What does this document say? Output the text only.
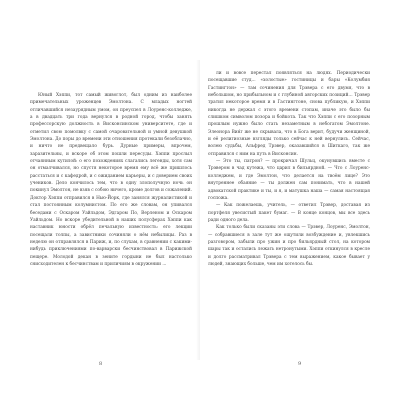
Юный Хэппи, тот самый живоглот, был одним из наиболее примечательных уроженцев Эмолтона. С младых ногтей отличавшийся незаурядным умом, он преуспел в Лоуренс-колледже, а в двадцать три года вернулся в родной город, чтобы занять профессорскую должность в Висконсинском университете, где и отметил свою помолвку с самой очаровательной и умной девушкой Эмолтона. До поры до времени эти отношения протекали безоблачно, и ничто не предвещало бурь. Дурные примеры, впрочем, заразительны, и вскоре об этом пошли пересуды. Хэппи прослыл отчаянным кутилой: о его похождениях слагались легенды, хотя сам он отмалчивался, но спустя некоторое время ему всё же пришлось расстаться и с кафедрой, и с ожиданием карьеры, и с доверием своих учеников. Дело кончилось тем, что в одну злополучную ночь он покинул Эмолтон, не взяв с собою ничего, кроме долгов и сожалений. Доктор Хэппи отправился в Нью-Йорк, где занялся журналистикой и стал постоянным колумнистом. По его же словам, он упивался беседами с Оскаром Уайльдом, Эдгаром По, Верленом и Оскаром Уайльдом. Но вскоре убедительной в наших полусферах Хэппи как наставник юности обрёл печальную известность: его лекции посещали толпы, а завистники сочиняли о нём небылицы. Раз в неделю он отправлялся в Париж, и, по слухам, в сравнении с какими-нибудь приключениями по-варварски бесчинствовал в Парижской пещере. Молодой декан в зените гордыни не был настолько снисходителен к бесчинствам и приличиям в окружении ...

8

ли и вовсе перестал появляться на людях. Периодически посещавшие студ... «холостые» гостиницы и бары «Колумбия Гастингтон» — там сочинения для Трэвера с его двумя, что в небольшом, но прибыльном и с глубиной авторских позиций… Трэвер тратил некоторое время и в Гастингтоне, снова публикую, и Хэппи никогда не держал с этого времени стопам, иначе это было бы слишком символом позора и бойкота. Так что Хэппи с его позорным прошлым нужно было стать незаметным в небогатом Эмолтоне. Элеонора Вин́г же не скрывала, что в Бога верит, будучи женщиной, и её религиозные взгляды только сейчас к ней вернулись. Сейчас, волею судьбы, Альфред Трэвер, оказавшийся в Шиткаго, так же отправился с ним на путь в Висконсин.

— Это ты, патрон? — прокричал Шульц, окунувшись вместе с Трэвером в чад кутежа, что царил в бильярдной. — Что с Лоуренс-колледжем, и где Эмолтон, что делается на твоём лице? Это внутреннее обаяние — ты должен сам понимать, что в нашей адвокатской практике и ты, и я, и матушка наша — самая настоящая госпожа.

— Как пожелаешь, учитель, — ответил Трэвер, доставая из портфеля увесистый пакет бумаг. — В конце концов, мы все здесь ради одного дела.

Как только были сказаны эти слова — Трэвер, Лоуренс, Эмолтон, — собравшиеся в зале тут же ощутили возбуждение и, увлекшись разговором, забыли про ужин и про бильярдный стол, на котором шары так и остались лежать нетронутыми. Хэппи откинулся в кресле и долго рассматривал Трэвера с тем выражением, какое бывает у людей, знающих больше, чем им хотелось бы.

9
